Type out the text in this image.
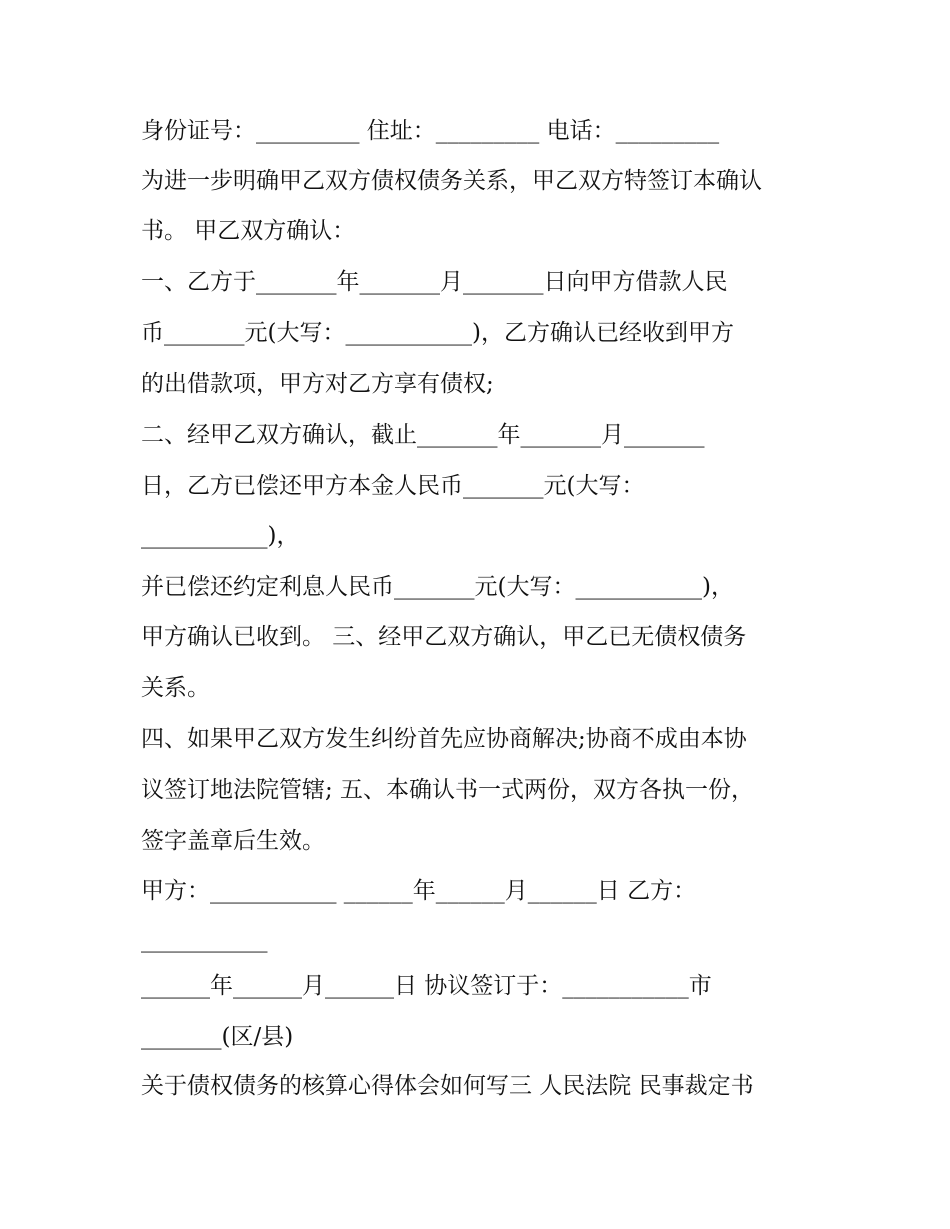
身份证号：_________ 住址：_________ 电话：_________

为进一步明确甲乙双方债权债务关系，甲乙双方特签订本确认

书。 甲乙双方确认：

一、乙方于_______年_______月_______日向甲方借款人民

币_______元(大写：___________)，乙方确认已经收到甲方

的出借款项，甲方对乙方享有债权;

二、经甲乙双方确认，截止_______年_______月_______

日，乙方已偿还甲方本金人民币_______元(大写：

___________)，

并已偿还约定利息人民币_______元(大写：___________)，

甲方确认已收到。 三、经甲乙双方确认，甲乙已无债权债务

关系。

四、如果甲乙双方发生纠纷首先应协商解决;协商不成由本协

议签订地法院管辖; 五、本确认书一式两份，双方各执一份，

签字盖章后生效。

甲方：___________ ______年______月______日 乙方：

___________

______年______月______日 协议签订于：___________市

_______(区/县)

关于债权债务的核算心得体会如何写三 人民法院 民事裁定书
